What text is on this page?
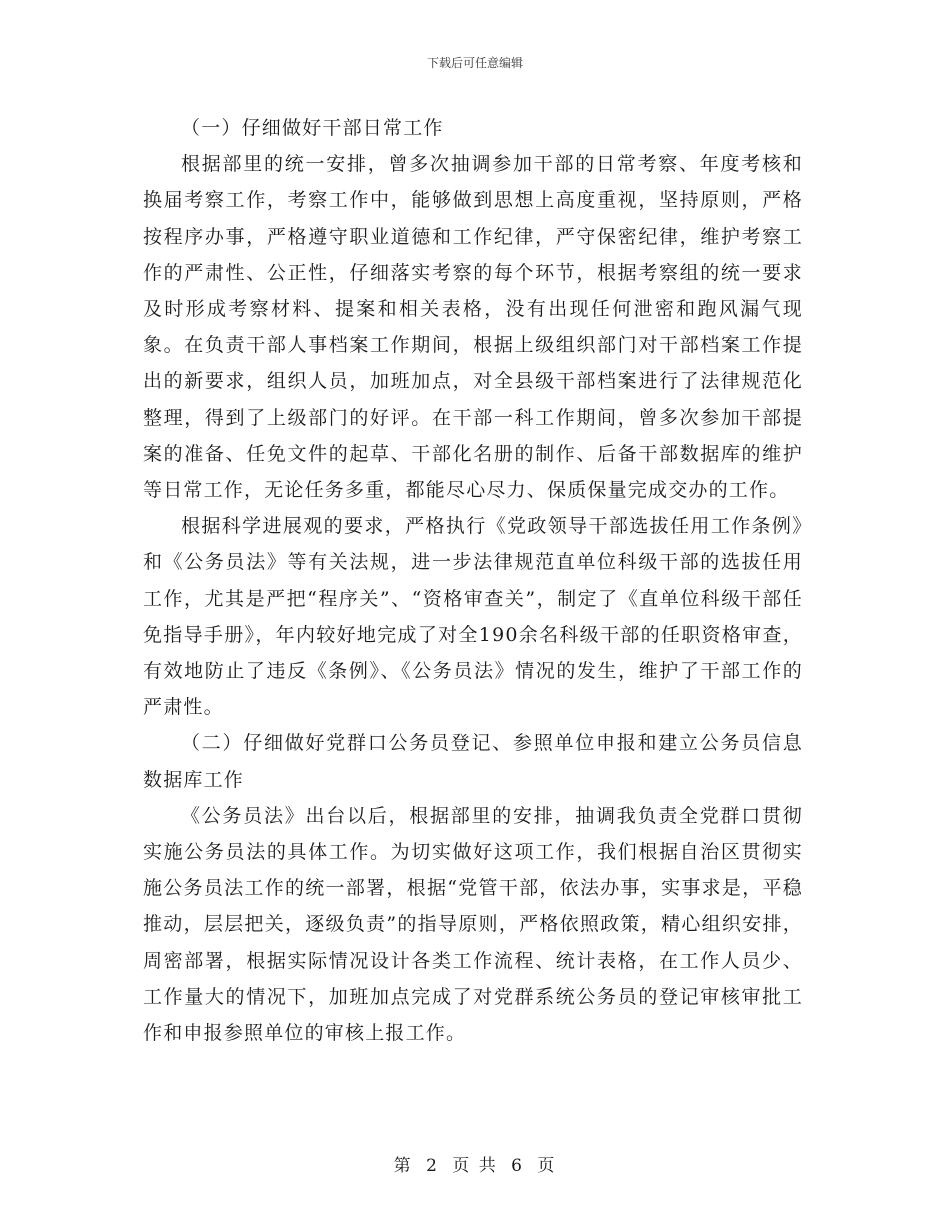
下载后可任意编辑

（一）仔细做好干部日常工作

根据部里的统一安排，曾多次抽调参加干部的日常考察、年度考核和换届考察工作，考察工作中，能够做到思想上高度重视，坚持原则，严格按程序办事，严格遵守职业道德和工作纪律，严守保密纪律，维护考察工作的严肃性、公正性，仔细落实考察的每个环节，根据考察组的统一要求及时形成考察材料、提案和相关表格，没有出现任何泄密和跑风漏气现象。在负责干部人事档案工作期间，根据上级组织部门对干部档案工作提出的新要求，组织人员，加班加点，对全县级干部档案进行了法律规范化整理，得到了上级部门的好评。在干部一科工作期间，曾多次参加干部提案的准备、任免文件的起草、干部化名册的制作、后备干部数据库的维护等日常工作，无论任务多重，都能尽心尽力、保质保量完成交办的工作。

根据科学进展观的要求，严格执行《党政领导干部选拔任用工作条例》和《公务员法》等有关法规，进一步法律规范直单位科级干部的选拔任用工作，尤其是严把“程序关”、“资格审查关”，制定了《直单位科级干部任免指导手册》，年内较好地完成了对全190余名科级干部的任职资格审查，有效地防止了违反《条例》、《公务员法》情况的发生，维护了干部工作的严肃性。

（二）仔细做好党群口公务员登记、参照单位申报和建立公务员信息数据库工作

《公务员法》出台以后，根据部里的安排，抽调我负责全党群口贯彻实施公务员法的具体工作。为切实做好这项工作，我们根据自治区贯彻实施公务员法工作的统一部署，根据“党管干部，依法办事，实事求是，平稳推动，层层把关，逐级负责”的指导原则，严格依照政策，精心组织安排，周密部署，根据实际情况设计各类工作流程、统计表格，在工作人员少、工作量大的情况下，加班加点完成了对党群系统公务员的登记审核审批工作和申报参照单位的审核上报工作。

第 2 页 共 6 页
